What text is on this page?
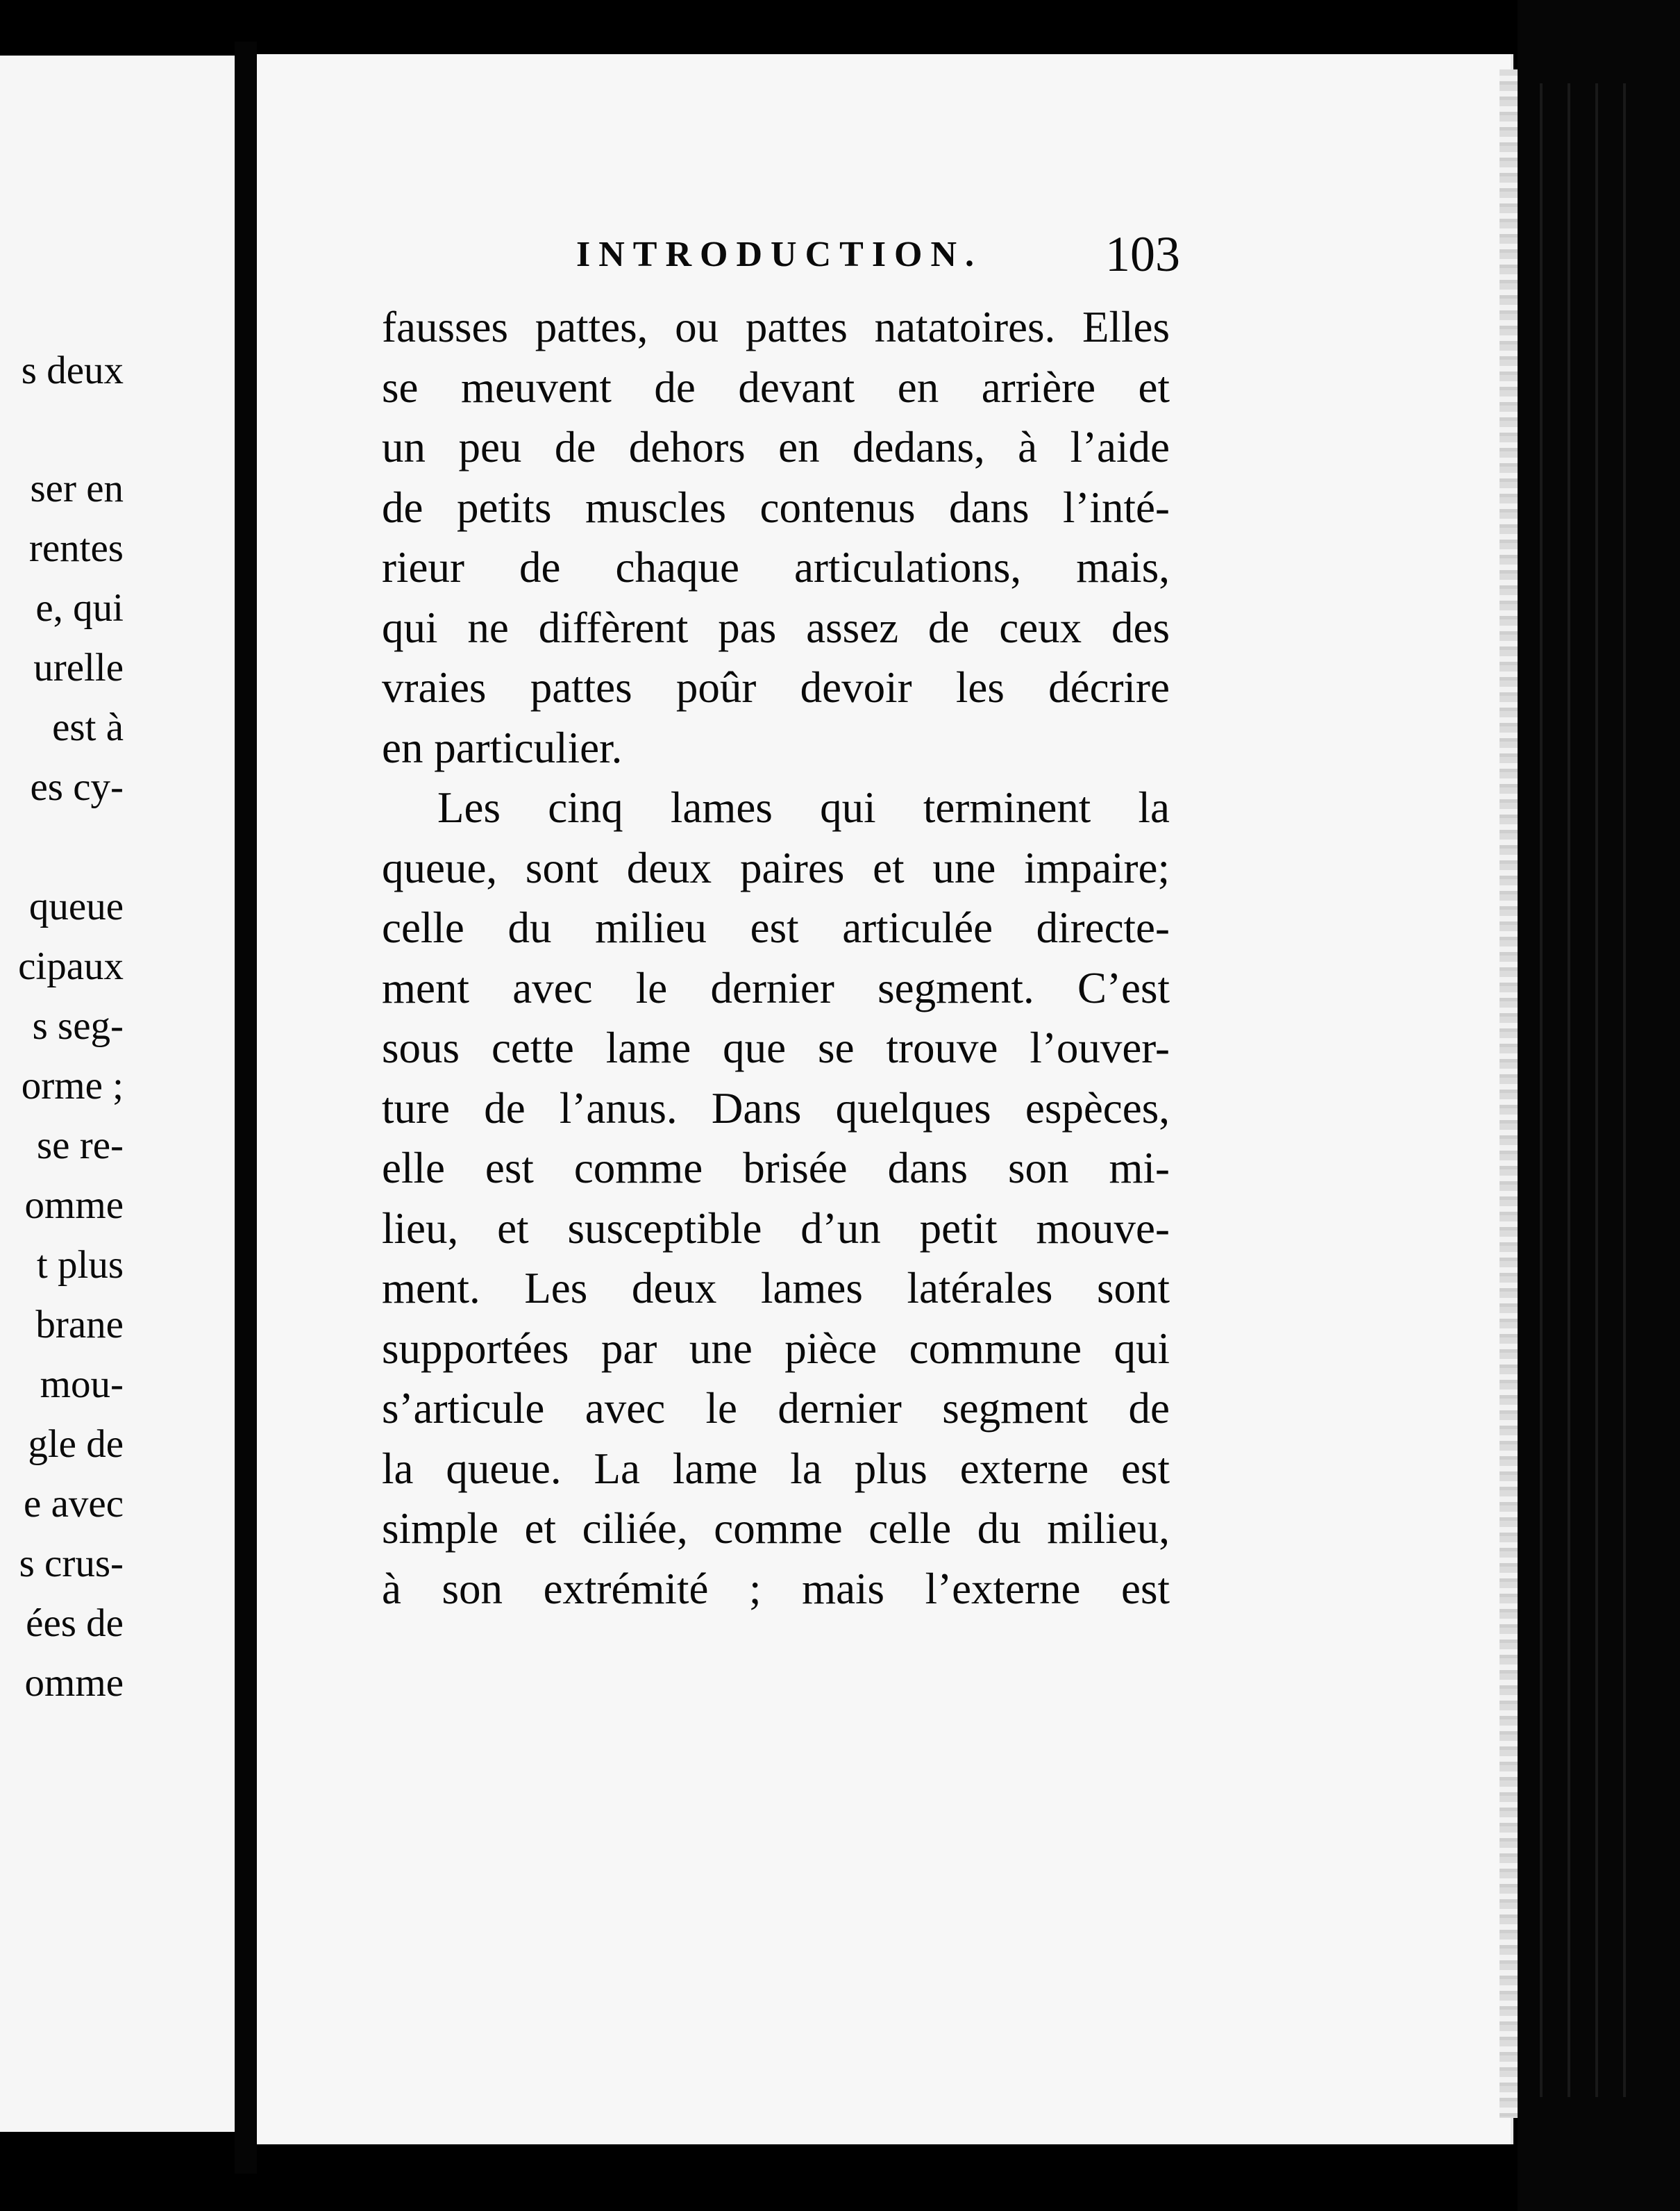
s deux
ser en
rentes
e, qui
urelle
est à
es cy-
queue
cipaux
s seg-
orme ;
se re-
omme
t plus
brane
mou-
gle de
e avec
s crus-
ées de
omme
INTRODUCTION. 103
fausses pattes, ou pattes natatoires. Elles
se meuvent de devant en arrière et
un peu de dehors en dedans, à l’aide
de petits muscles contenus dans l’inté-
rieur de chaque articulations, mais,
qui ne diffèrent pas assez de ceux des
vraies pattes poûr devoir les décrire
en particulier.
Les cinq lames qui terminent la
queue, sont deux paires et une impaire;
celle du milieu est articulée directe-
ment avec le dernier segment. C’est
sous cette lame que se trouve l’ouver-
ture de l’anus. Dans quelques espèces,
elle est comme brisée dans son mi-
lieu, et susceptible d’un petit mouve-
ment. Les deux lames latérales sont
supportées par une pièce commune qui
s’articule avec le dernier segment de
la queue. La lame la plus externe est
simple et ciliée, comme celle du milieu,
à son extrémité ; mais l’externe est
